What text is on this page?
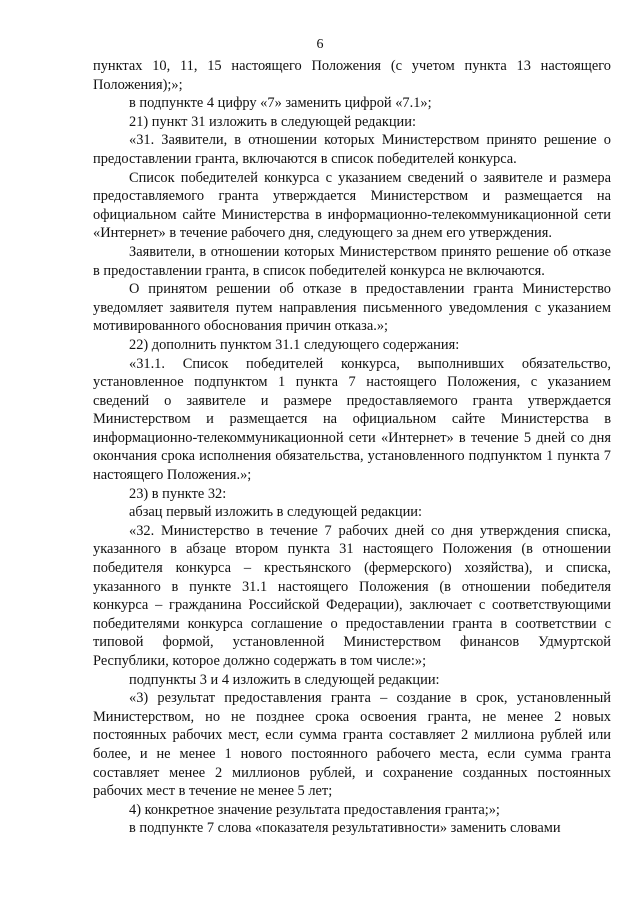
6

пунктах 10, 11, 15 настоящего Положения (с учетом пункта 13 настоящего Положения);»;

в подпункте 4 цифру «7» заменить цифрой «7.1»;

21) пункт 31 изложить в следующей редакции:

«31. Заявители, в отношении которых Министерством принято решение о предоставлении гранта, включаются в список победителей конкурса.

Список победителей конкурса с указанием сведений о заявителе и размера предоставляемого гранта утверждается Министерством и размещается на официальном сайте Министерства в информационно-телекоммуникационной сети «Интернет» в течение рабочего дня, следующего за днем его утверждения.

Заявители, в отношении которых Министерством принято решение об отказе в предоставлении гранта, в список победителей конкурса не включаются.

О принятом решении об отказе в предоставлении гранта Министерство уведомляет заявителя путем направления письменного уведомления с указанием мотивированного обоснования причин отказа.»;

22) дополнить пунктом 31.1 следующего содержания:

«31.1. Список победителей конкурса, выполнивших обязательство, установленное подпунктом 1 пункта 7 настоящего Положения, с указанием сведений о заявителе и размере предоставляемого гранта утверждается Министерством и размещается на официальном сайте Министерства в информационно-телекоммуникационной сети «Интернет» в течение 5 дней со дня окончания срока исполнения обязательства, установленного подпунктом 1 пункта 7 настоящего Положения.»;

23) в пункте 32:

абзац первый изложить в следующей редакции:

«32. Министерство в течение 7 рабочих дней со дня утверждения списка, указанного в абзаце втором пункта 31 настоящего Положения (в отношении победителя конкурса – крестьянского (фермерского) хозяйства), и списка, указанного в пункте 31.1 настоящего Положения (в отношении победителя конкурса – гражданина Российской Федерации), заключает с соответствующими победителями конкурса соглашение о предоставлении гранта в соответствии с типовой формой, установленной Министерством финансов Удмуртской Республики, которое должно содержать в том числе:»;

подпункты 3 и 4 изложить в следующей редакции:

«3) результат предоставления гранта – создание в срок, установленный Министерством, но не позднее срока освоения гранта, не менее 2 новых постоянных рабочих мест, если сумма гранта составляет 2 миллиона рублей или более, и не менее 1 нового постоянного рабочего места, если сумма гранта составляет менее 2 миллионов рублей, и сохранение созданных постоянных рабочих мест в течение не менее 5 лет;

4) конкретное значение результата предоставления гранта;»;

в подпункте 7 слова «показателя результативности» заменить словами
